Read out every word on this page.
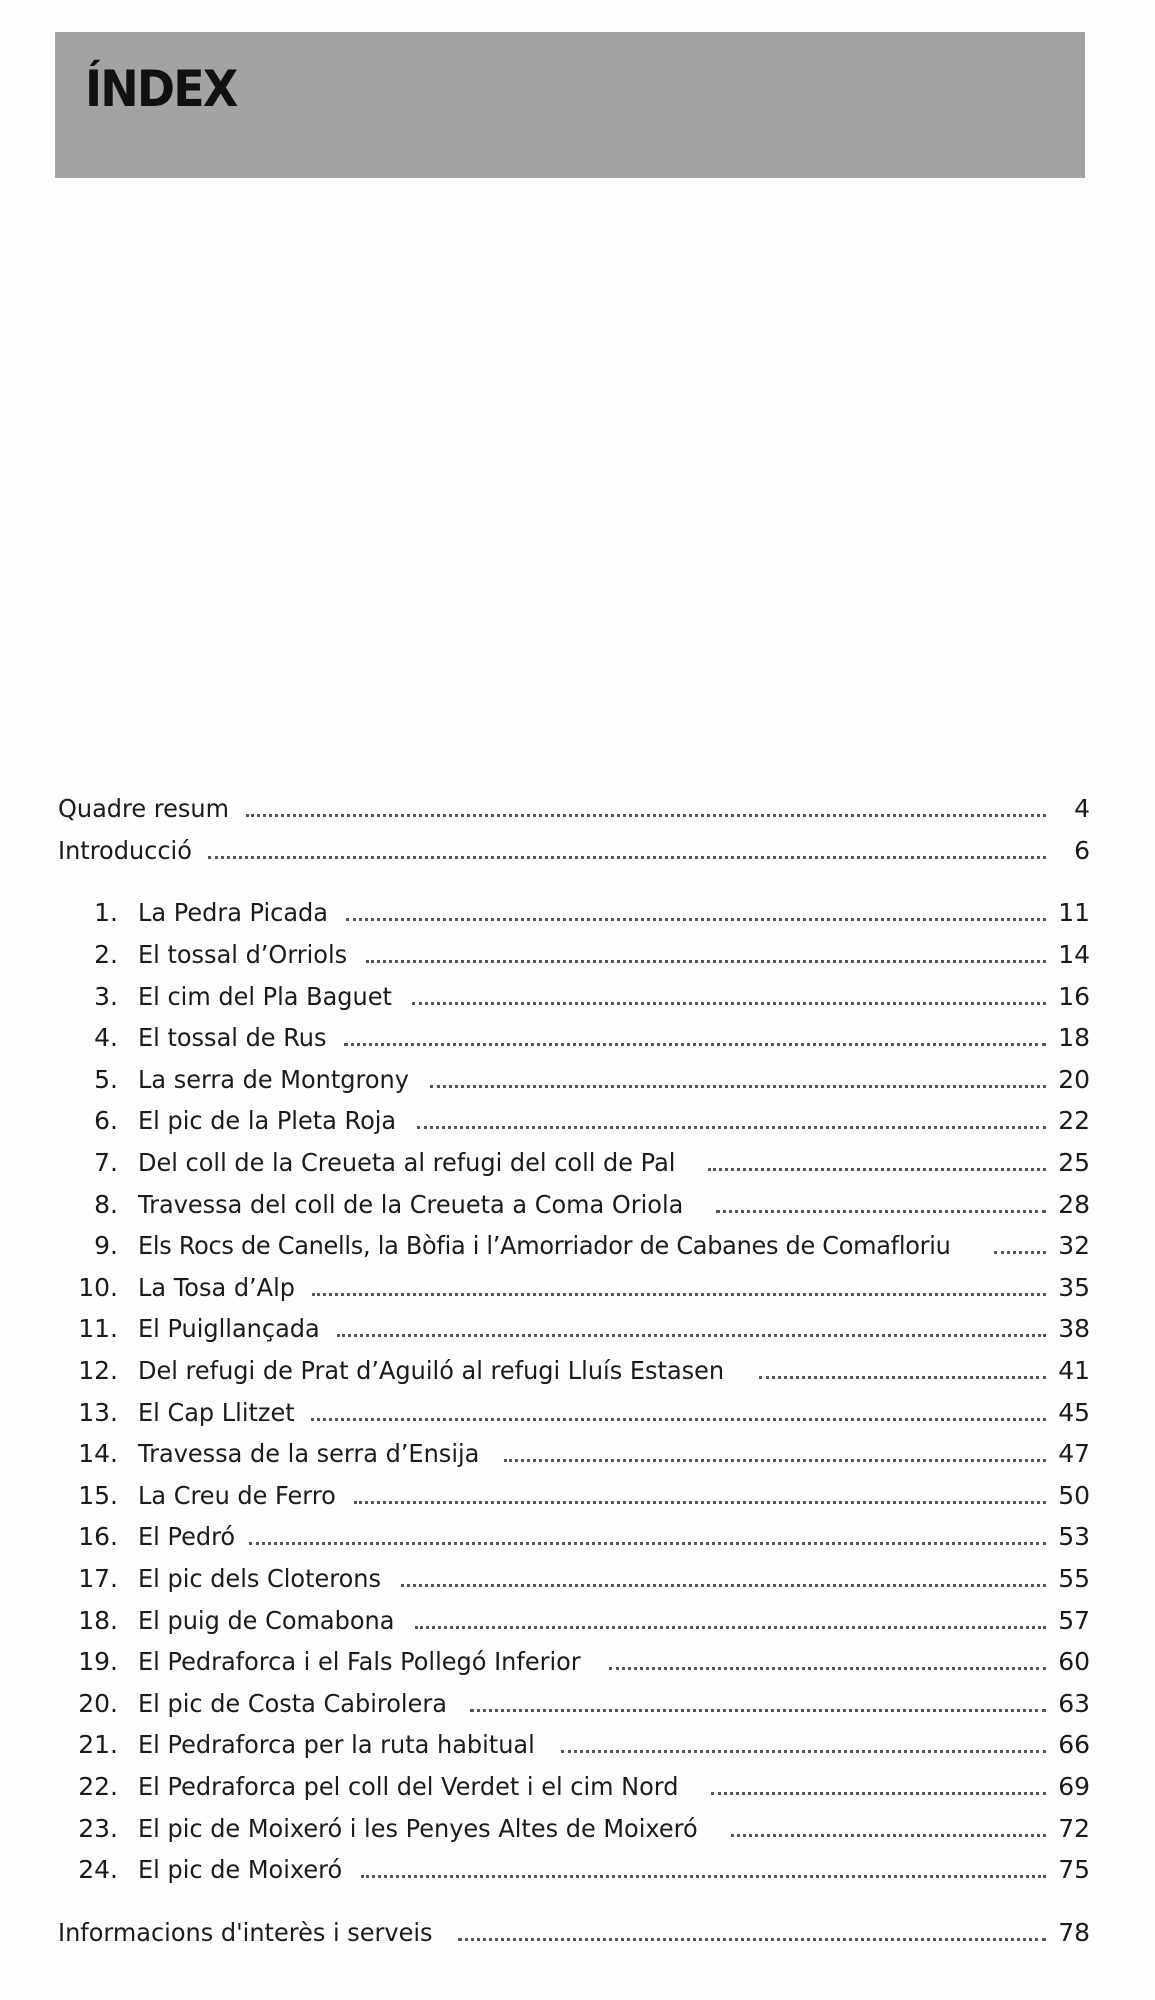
ÍNDEX
Quadre resum	4
Introducció	6
1. La Pedra Picada	11
2. El tossal d’Orriols	14
3. El cim del Pla Baguet	16
4. El tossal de Rus	18
5. La serra de Montgrony	20
6. El pic de la Pleta Roja	22
7. Del coll de la Creueta al refugi del coll de Pal	25
8. Travessa del coll de la Creueta a Coma Oriola	28
9. Els Rocs de Canells, la Bòfia i l’Amorriador de Cabanes de Comafloriu	32
10. La Tosa d’Alp	35
11. El Puigllançada	38
12. Del refugi de Prat d’Aguiló al refugi Lluís Estasen	41
13. El Cap Llitzet	45
14. Travessa de la serra d’Ensija	47
15. La Creu de Ferro	50
16. El Pedró	53
17. El pic dels Cloterons	55
18. El puig de Comabona	57
19. El Pedraforca i el Fals Pollegó Inferior	60
20. El pic de Costa Cabirolera	63
21. El Pedraforca per la ruta habitual	66
22. El Pedraforca pel coll del Verdet i el cim Nord	69
23. El pic de Moixeró i les Penyes Altes de Moixeró	72
24. El pic de Moixeró	75
Informacions d'interès i serveis	78
